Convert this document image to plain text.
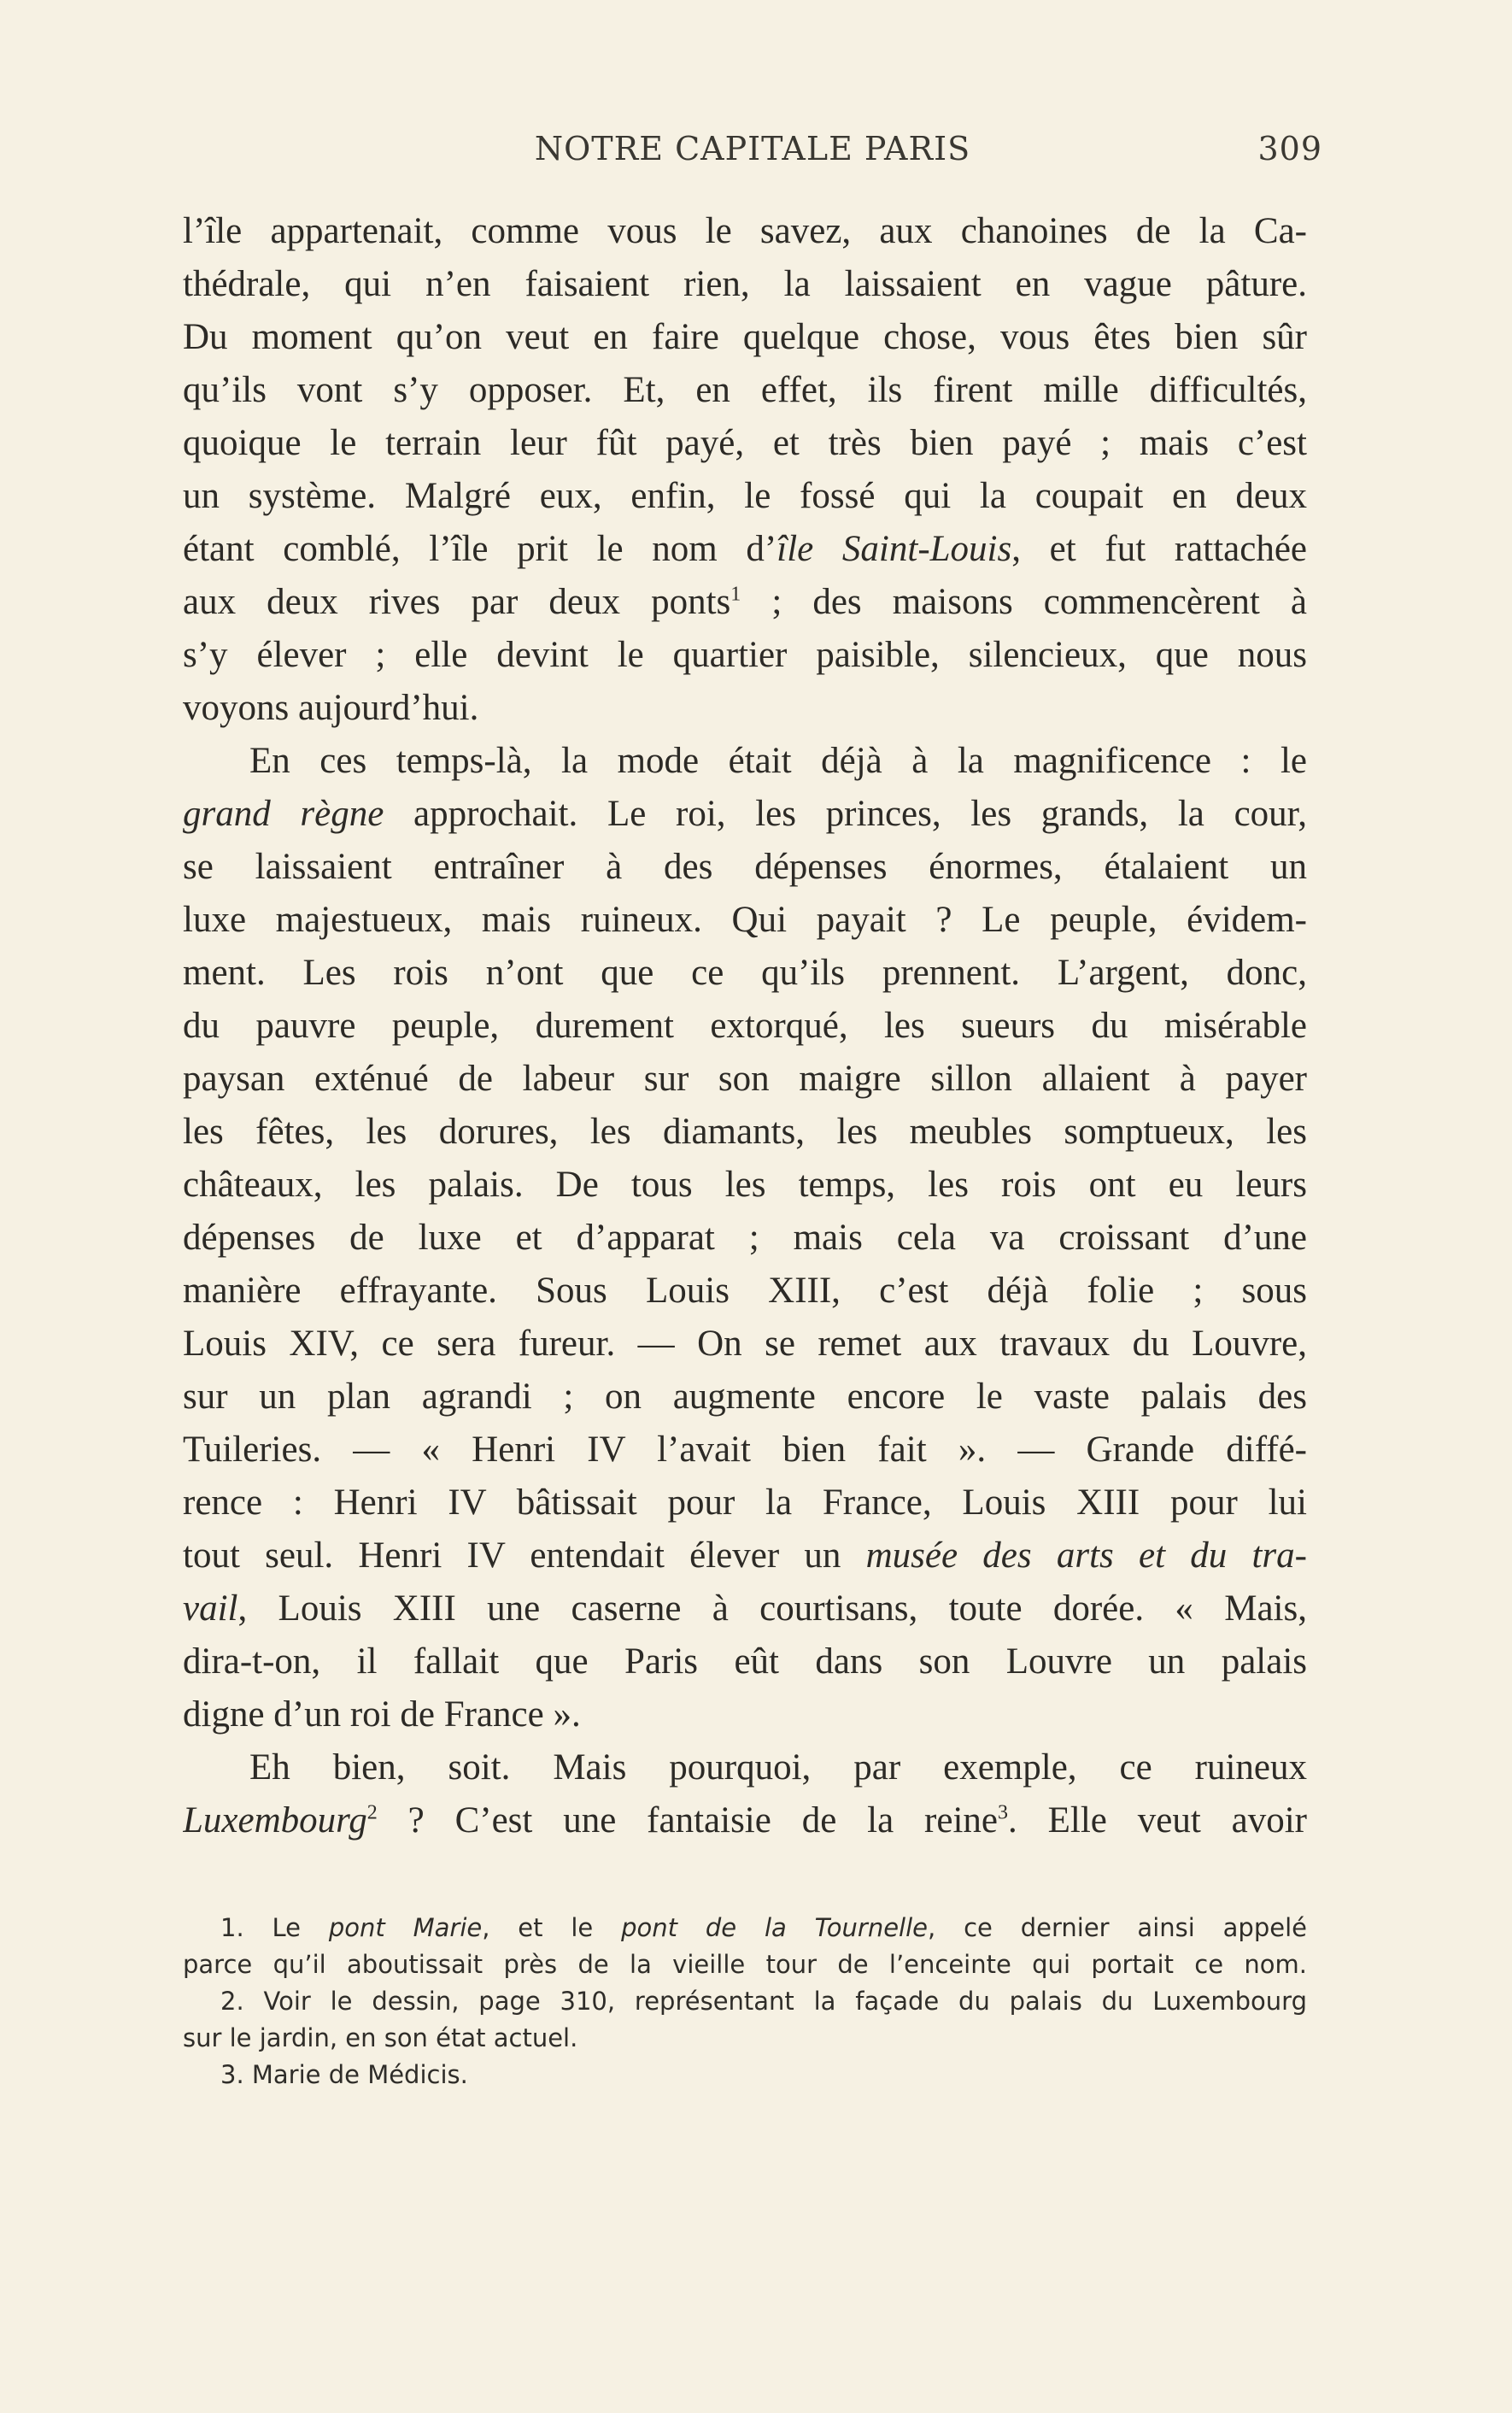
NOTRE CAPITALE PARIS	309
l’île appartenait, comme vous le savez, aux chanoines de la Ca-
thédrale, qui n’en faisaient rien, la laissaient en vague pâture.
Du moment qu’on veut en faire quelque chose, vous êtes bien sûr
qu’ils vont s’y opposer. Et, en effet, ils firent mille difficultés,
quoique le terrain leur fût payé, et très bien payé ; mais c’est
un système. Malgré eux, enfin, le fossé qui la coupait en deux
étant comblé, l’île prit le nom d’île Saint-Louis, et fut rattachée
aux deux rives par deux ponts$^1$ ; des maisons commencèrent à
s’y élever ; elle devint le quartier paisible, silencieux, que nous
voyons aujourd’hui.
En ces temps-là, la mode était déjà à la magnificence : le
grand règne approchait. Le roi, les princes, les grands, la cour,
se laissaient entraîner à des dépenses énormes, étalaient un
luxe majestueux, mais ruineux. Qui payait ? Le peuple, évidem-
ment. Les rois n’ont que ce qu’ils prennent. L’argent, donc,
du pauvre peuple, durement extorqué, les sueurs du misérable
paysan exténué de labeur sur son maigre sillon allaient à payer
les fêtes, les dorures, les diamants, les meubles somptueux, les
châteaux, les palais. De tous les temps, les rois ont eu leurs
dépenses de luxe et d’apparat ; mais cela va croissant d’une
manière effrayante. Sous Louis XIII, c’est déjà folie ; sous
Louis XIV, ce sera fureur. — On se remet aux travaux du Louvre,
sur un plan agrandi ; on augmente encore le vaste palais des
Tuileries. — « Henri IV l’avait bien fait ». — Grande diffé-
rence : Henri IV bâtissait pour la France, Louis XIII pour lui
tout seul. Henri IV entendait élever un musée des arts et du tra-
vail, Louis XIII une caserne à courtisans, toute dorée. « Mais,
dira-t-on, il fallait que Paris eût dans son Louvre un palais
digne d’un roi de France ».
Eh bien, soit. Mais pourquoi, par exemple, ce ruineux
Luxembourg$^2$ ? C’est une fantaisie de la reine$^3$. Elle veut avoir
1. Le pont Marie, et le pont de la Tournelle, ce dernier ainsi appelé
parce qu’il aboutissait près de la vieille tour de l’enceinte qui portait ce nom.
2. Voir le dessin, page 310, représentant la façade du palais du Luxembourg
sur le jardin, en son état actuel.
3. Marie de Médicis.
